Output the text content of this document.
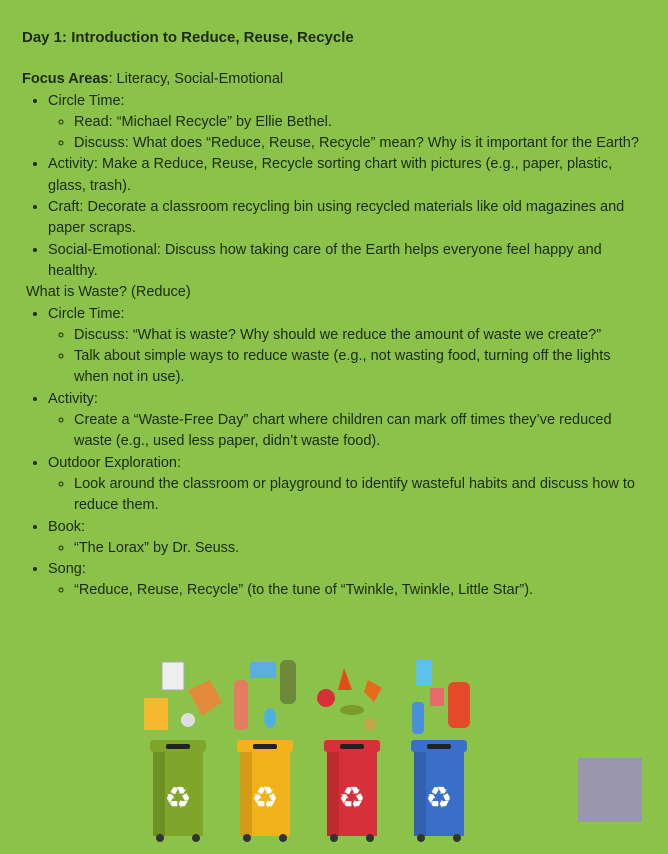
Day 1: Introduction to Reduce, Reuse, Recycle
Focus Areas: Literacy, Social-Emotional
• Circle Time:
◦ Read: “Michael Recycle” by Ellie Bethel.
◦ Discuss: What does “Reduce, Reuse, Recycle” mean? Why is it important for the Earth?
• Activity: Make a Reduce, Reuse, Recycle sorting chart with pictures (e.g., paper, plastic, glass, trash).
• Craft: Decorate a classroom recycling bin using recycled materials like old magazines and paper scraps.
• Social-Emotional: Discuss how taking care of the Earth helps everyone feel happy and healthy.
What is Waste? (Reduce)
• Circle Time:
◦ Discuss: “What is waste? Why should we reduce the amount of waste we create?”
◦ Talk about simple ways to reduce waste (e.g., not wasting food, turning off the lights when not in use).
• Activity:
◦ Create a “Waste-Free Day” chart where children can mark off times they’ve reduced waste (e.g., used less paper, didn’t waste food).
• Outdoor Exploration:
◦ Look around the classroom or playground to identify wasteful habits and discuss how to reduce them.
• Book:
◦ “The Lorax” by Dr. Seuss.
• Song:
◦ “Reduce, Reuse, Recycle” (to the tune of “Twinkle, Twinkle, Little Star”).
♻ ♻ ♻ ♻
